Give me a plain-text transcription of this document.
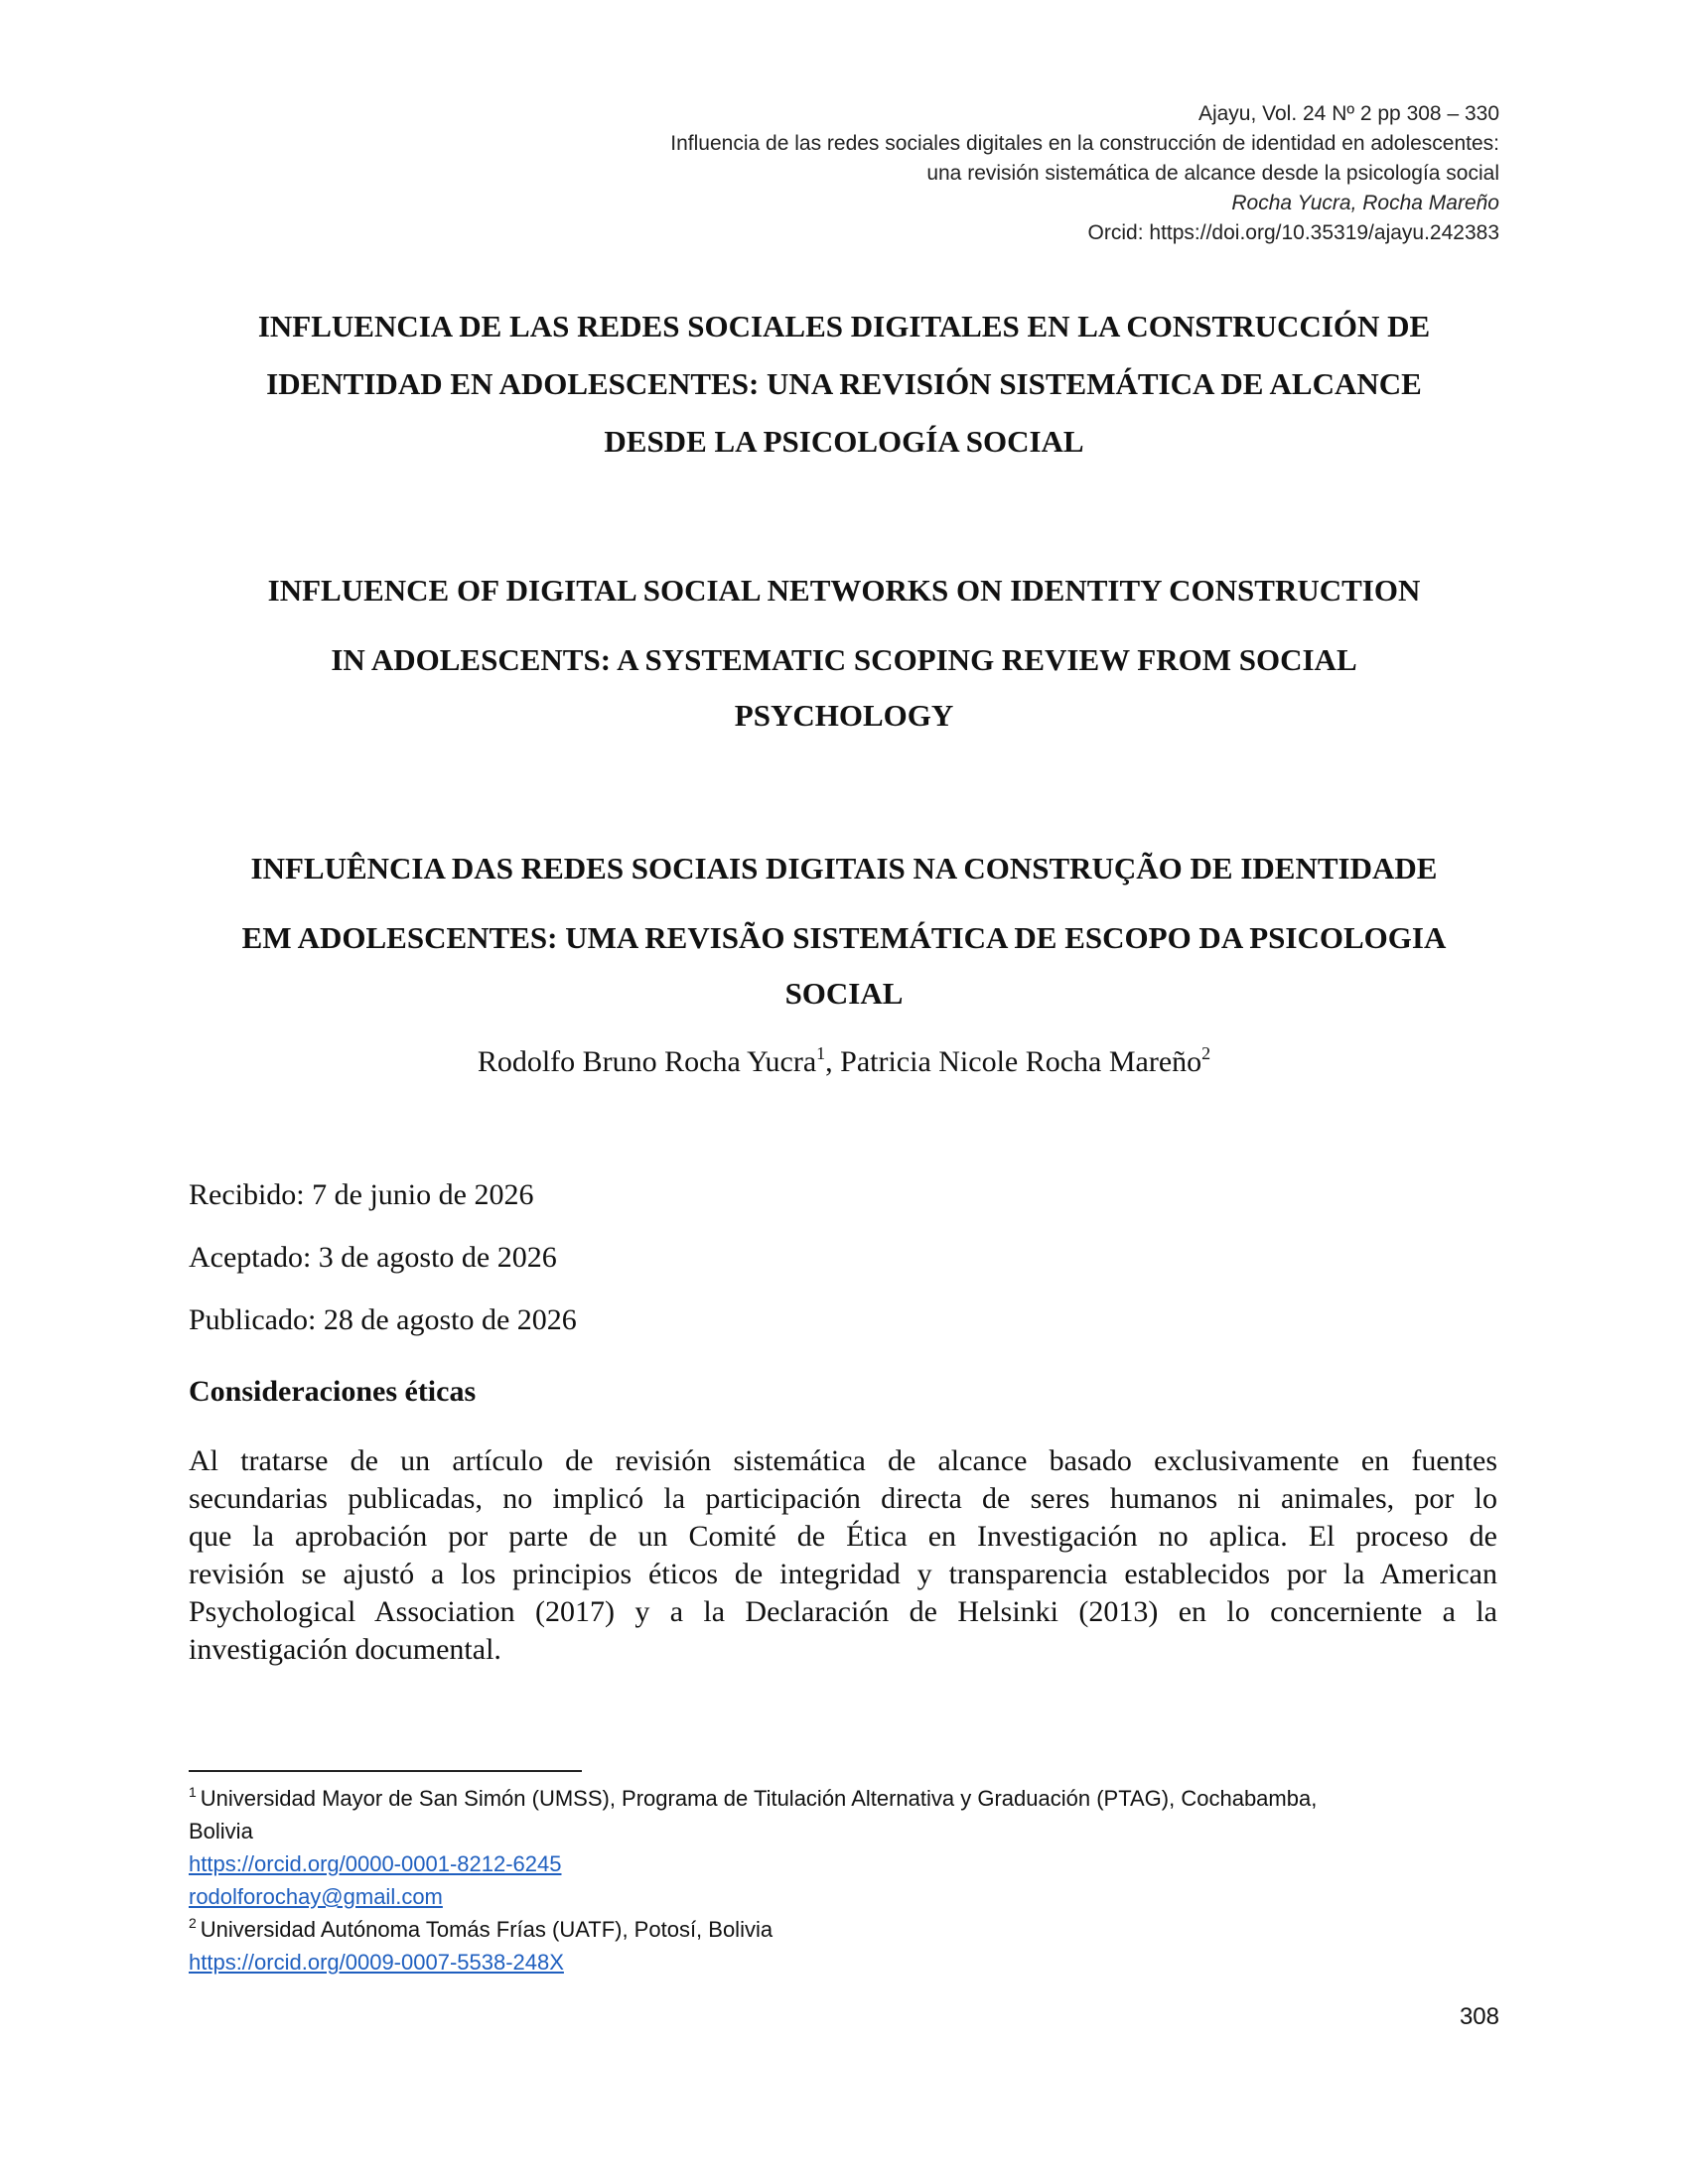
Ajayu, Vol. 24 Nº 2 pp 308 – 330
Influencia de las redes sociales digitales en la construcción de identidad en adolescentes:
una revisión sistemática de alcance desde la psicología social
Rocha Yucra, Rocha Mareño
Orcid: https://doi.org/10.35319/ajayu.242383
INFLUENCIA DE LAS REDES SOCIALES DIGITALES EN LA CONSTRUCCIÓN DE
IDENTIDAD EN ADOLESCENTES: UNA REVISIÓN SISTEMÁTICA DE ALCANCE
DESDE LA PSICOLOGÍA SOCIAL
INFLUENCE OF DIGITAL SOCIAL NETWORKS ON IDENTITY CONSTRUCTION
IN ADOLESCENTS: A SYSTEMATIC SCOPING REVIEW FROM SOCIAL
PSYCHOLOGY
INFLUÊNCIA DAS REDES SOCIAIS DIGITAIS NA CONSTRUÇÃO DE IDENTIDADE
EM ADOLESCENTES: UMA REVISÃO SISTEMÁTICA DE ESCOPO DA PSICOLOGIA
SOCIAL
Rodolfo Bruno Rocha Yucra$^1$, Patricia Nicole Rocha Mareño$^2$
Recibido: 7 de junio de 2026
Aceptado: 3 de agosto de 2026
Publicado: 28 de agosto de 2026
Consideraciones éticas
Al tratarse de un artículo de revisión sistemática de alcance basado exclusivamente en fuentes
secundarias publicadas, no implicó la participación directa de seres humanos ni animales, por lo
que la aprobación por parte de un Comité de Ética en Investigación no aplica. El proceso de
revisión se ajustó a los principios éticos de integridad y transparencia establecidos por la American
Psychological Association (2017) y a la Declaración de Helsinki (2013) en lo concerniente a la
investigación documental.
$^1$ Universidad Mayor de San Simón (UMSS), Programa de Titulación Alternativa y Graduación (PTAG), Cochabamba,
Bolivia
https://orcid.org/0000-0001-8212-6245
rodolforochay@gmail.com
$^2$ Universidad Autónoma Tomás Frías (UATF), Potosí, Bolivia
https://orcid.org/0009-0007-5538-248X
308
